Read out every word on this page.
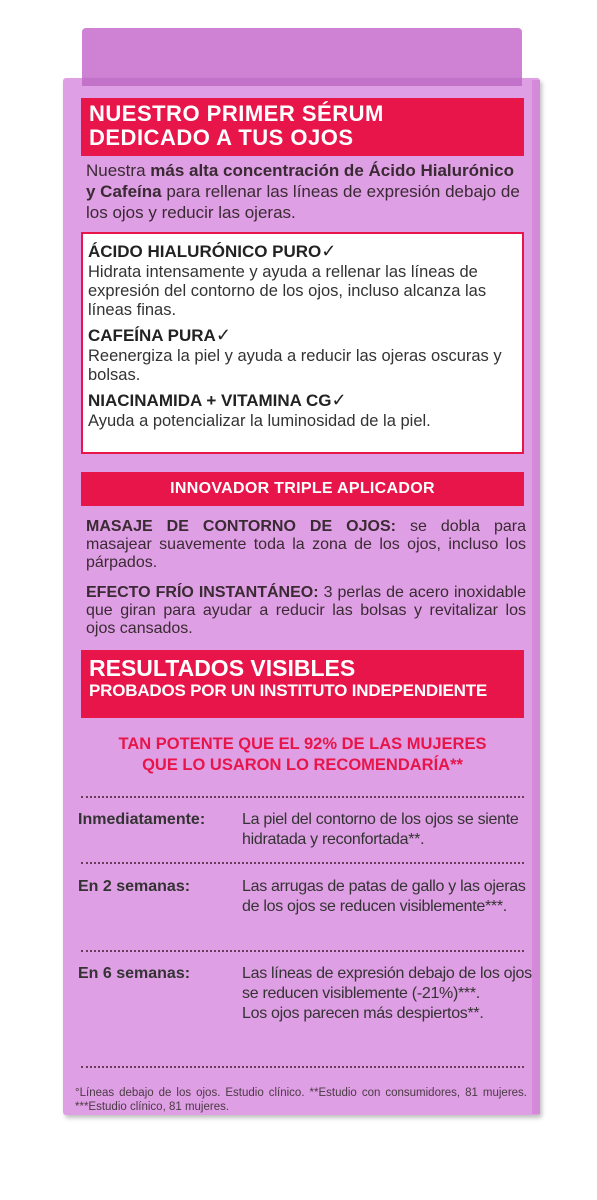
NUESTRO PRIMER SÉRUM
DEDICADO A TUS OJOS
Nuestra más alta concentración de Ácido Hialurónico y Cafeína para rellenar las líneas de expresión debajo de los ojos y reducir las ojeras.
ÁCIDO HIALURÓNICO PURO✓
Hidrata intensamente y ayuda a rellenar las líneas de expresión del contorno de los ojos, incluso alcanza las líneas finas.
CAFEÍNA PURA✓
Reenergiza la piel y ayuda a reducir las ojeras oscuras y bolsas.
NIACINAMIDA + VITAMINA CG✓
Ayuda a potencializar la luminosidad de la piel.
INNOVADOR TRIPLE APLICADOR
MASAJE DE CONTORNO DE OJOS: se dobla para masajear suavemente toda la zona de los ojos, incluso los párpados.
EFECTO FRÍO INSTANTÁNEO: 3 perlas de acero inoxidable que giran para ayudar a reducir las bolsas y revitalizar los ojos cansados.
RESULTADOS VISIBLES
PROBADOS POR UN INSTITUTO INDEPENDIENTE
TAN POTENTE QUE EL 92% DE LAS MUJERES
QUE LO USARON LO RECOMENDARÍA**
Inmediatamente:	La piel del contorno de los ojos se siente hidratada y reconfortada**.
En 2 semanas:	Las arrugas de patas de gallo y las ojeras de los ojos se reducen visiblemente***.
En 6 semanas:	Las líneas de expresión debajo de los ojos se reducen visiblemente (-21%)***.
Los ojos parecen más despiertos**.
°Líneas debajo de los ojos. Estudio clínico. **Estudio con consumidores, 81 mujeres. ***Estudio clínico, 81 mujeres.
